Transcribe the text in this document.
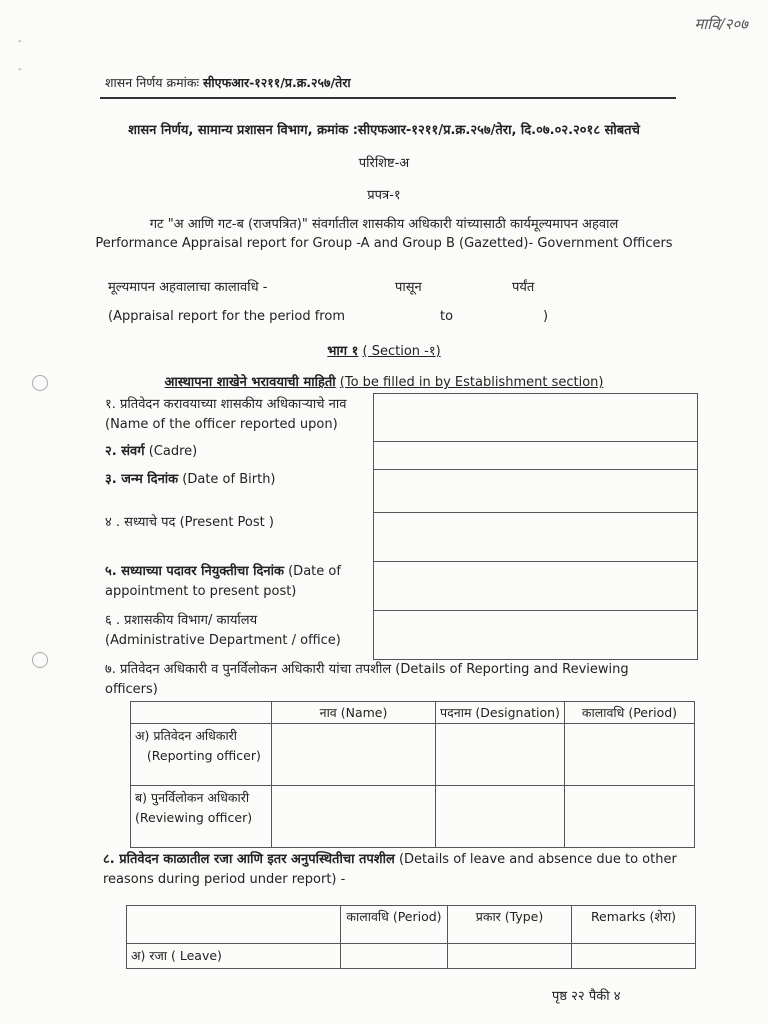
मावि/२०७
-
-
शासन निर्णय क्रमांकः सीएफआर-१२११/प्र.क्र.२५७/तेरा
शासन निर्णय, सामान्य प्रशासन विभाग, क्रमांक :सीएफआर-१२११/प्र.क्र.२५७/तेरा, दि.०७.०२.२०१८ सोबतचे
परिशिष्ट-अ
प्रपत्र-१
गट "अ आणि गट-ब (राजपत्रित)" संवर्गातील शासकीय अधिकारी यांच्यासाठी कार्यमूल्यमापन अहवाल
Performance Appraisal report for Group -A and Group B (Gazetted)- Government Officers
मूल्यमापन अहवालाचा कालावधि -	पासून	पर्यंत
(Appraisal report for the period from	to	)
भाग १ ( Section -१)
आस्थापना शाखेने भरावयाची माहिती (To be filled in by Establishment section)
१. प्रतिवेदन करावयाच्या शासकीय अधिकाऱ्याचे नाव (Name of the officer reported upon)
२. संवर्ग (Cadre)
३. जन्म दिनांक (Date of Birth)
४ . सध्याचे पद (Present Post )
५. सध्याच्या पदावर नियुक्तीचा दिनांक (Date of appointment to present post)
६ . प्रशासकीय विभाग/ कार्यालय
(Administrative Department / office)

७. प्रतिवेदन अधिकारी व पुनर्विलोकन अधिकारी यांचा तपशील (Details of Reporting and Reviewing officers)
	नाव (Name)	पदनाम (Designation)	कालावधि (Period)
अ) प्रतिवेदन अधिकारी
(Reporting officer)			
ब) पुनर्विलोकन अधिकारी (Reviewing officer)			
८. प्रतिवेदन काळातील रजा आणि इतर अनुपस्थितीचा तपशील (Details of leave and absence due to other reasons during period under report) -
	कालावधि (Period)	प्रकार (Type)	Remarks (शेरा)
अ) रजा ( Leave)			
पृष्ठ २२ पैकी ४
